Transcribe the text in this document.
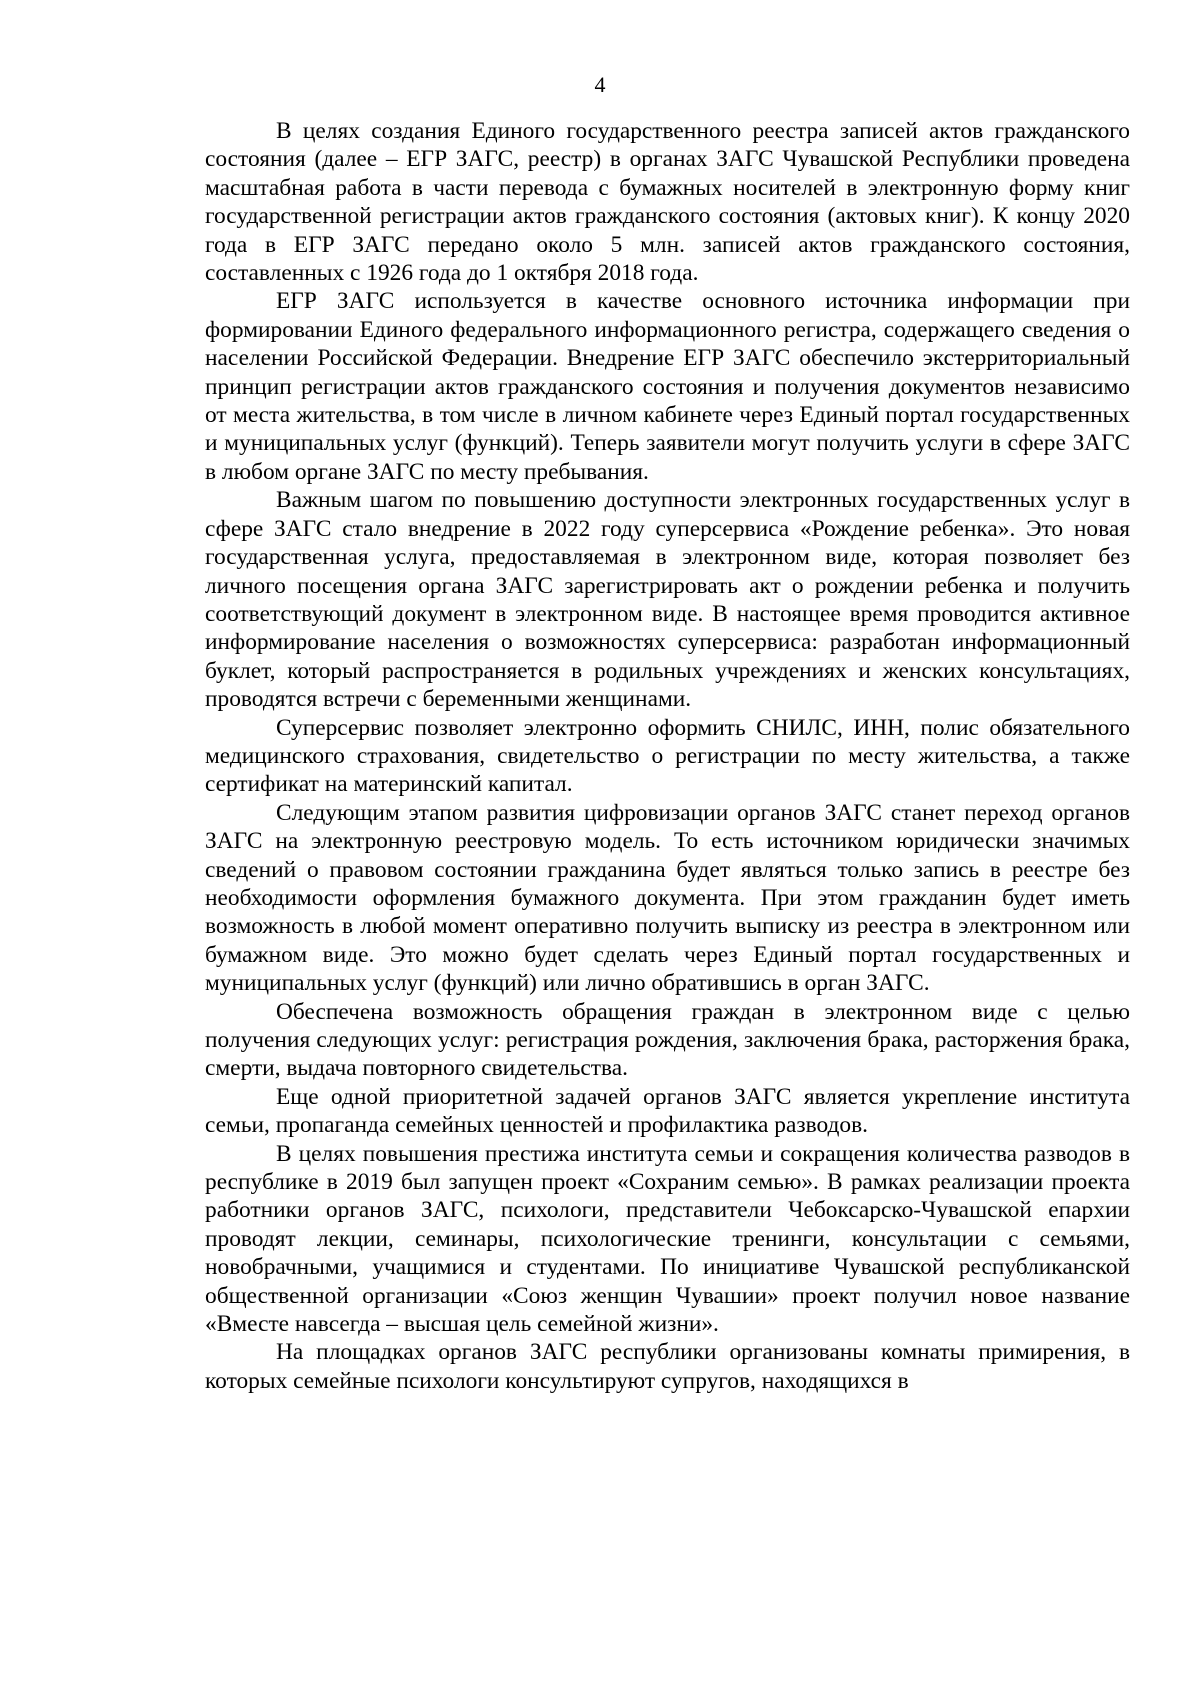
4

В целях создания Единого государственного реестра записей актов гражданского состояния (далее – ЕГР ЗАГС, реестр) в органах ЗАГС Чувашской Республики проведена масштабная работа в части перевода с бумажных носителей в электронную форму книг государственной регистрации актов гражданского состояния (актовых книг). К концу 2020 года в ЕГР ЗАГС передано около 5 млн. записей актов гражданского состояния, составленных с 1926 года до 1 октября 2018 года.

ЕГР ЗАГС используется в качестве основного источника информации при формировании Единого федерального информационного регистра, содержащего сведения о населении Российской Федерации. Внедрение ЕГР ЗАГС обеспечило экстерриториальный принцип регистрации актов гражданского состояния и получения документов независимо от места жительства, в том числе в личном кабинете через Единый портал государственных и муниципальных услуг (функций). Теперь заявители могут получить услуги в сфере ЗАГС в любом органе ЗАГС по месту пребывания.

Важным шагом по повышению доступности электронных государственных услуг в сфере ЗАГС стало внедрение в 2022 году суперсервиса «Рождение ребенка». Это новая государственная услуга, предоставляемая в электронном виде, которая позволяет без личного посещения органа ЗАГС зарегистрировать акт о рождении ребенка и получить соответствующий документ в электронном виде. В настоящее время проводится активное информирование населения о возможностях суперсервиса: разработан информационный буклет, который распространяется в родильных учреждениях и женских консультациях, проводятся встречи с беременными женщинами.

Суперсервис позволяет электронно оформить СНИЛС, ИНН, полис обязательного медицинского страхования, свидетельство о регистрации по месту жительства, а также сертификат на материнский капитал.

Следующим этапом развития цифровизации органов ЗАГС станет переход органов ЗАГС на электронную реестровую модель. То есть источником юридически значимых сведений о правовом состоянии гражданина будет являться только запись в реестре без необходимости оформления бумажного документа. При этом гражданин будет иметь возможность в любой момент оперативно получить выписку из реестра в электронном или бумажном виде. Это можно будет сделать через Единый портал государственных и муниципальных услуг (функций) или лично обратившись в орган ЗАГС.

Обеспечена возможность обращения граждан в электронном виде с целью получения следующих услуг: регистрация рождения, заключения брака, расторжения брака, смерти, выдача повторного свидетельства.

Еще одной приоритетной задачей органов ЗАГС является укрепление института семьи, пропаганда семейных ценностей и профилактика разводов.

В целях повышения престижа института семьи и сокращения количества разводов в республике в 2019 был запущен проект «Сохраним семью». В рамках реализации проекта работники органов ЗАГС, психологи, представители Чебоксарско-Чувашской епархии проводят лекции, семинары, психологические тренинги, консультации с семьями, новобрачными, учащимися и студентами. По инициативе Чувашской республиканской общественной организации «Союз женщин Чувашии» проект получил новое название «Вместе навсегда – высшая цель семейной жизни».

На площадках органов ЗАГС республики организованы комнаты примирения, в которых семейные психологи консультируют супругов, находящихся в
